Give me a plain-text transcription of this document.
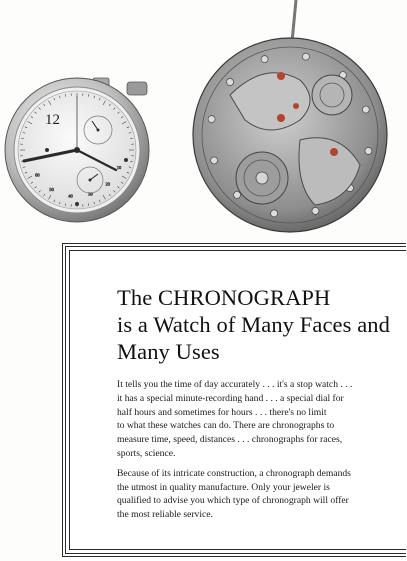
10
20
30
40
50
60
12
The CHRONOGRAPH
is a Watch of Many Faces and
Many Uses

It tells you the time of day accurately . . . it's a stop watch . . .
it has a special minute-recording hand . . . a special dial for
half hours and sometimes for hours . . . there's no limit
to what these watches can do. There are chronographs to
measure time, speed, distances . . . chronographs for races,
sports, science.

Because of its intricate construction, a chronograph demands
the utmost in quality manufacture. Only your jeweler is
qualified to advise you which type of chronograph will offer
the most reliable service.
